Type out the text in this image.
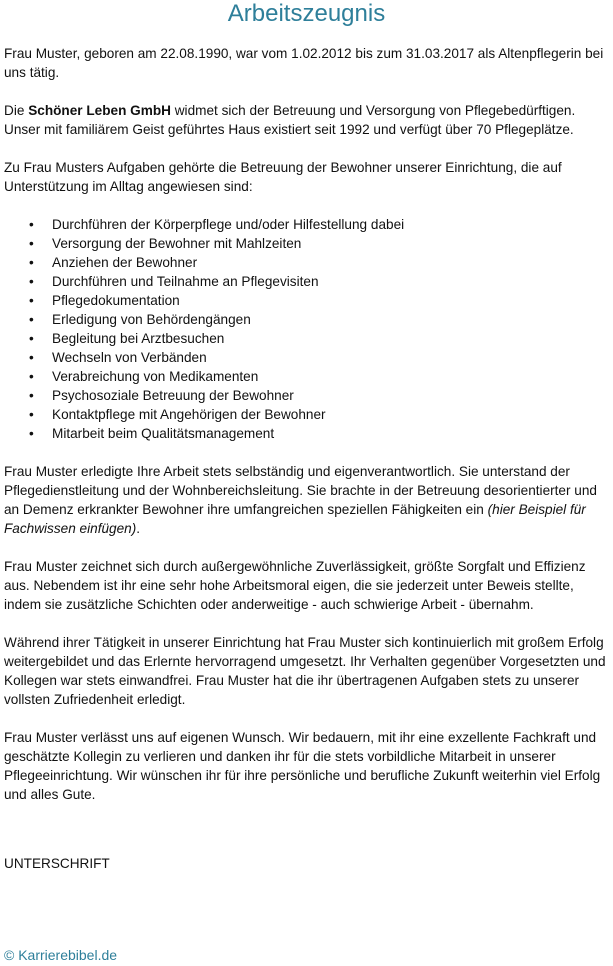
Arbeitszeugnis

Frau Muster, geboren am 22.08.1990, war vom 1.02.2012 bis zum 31.03.2017 als Altenpflegerin bei uns tätig.

Die Schöner Leben GmbH widmet sich der Betreuung und Versorgung von Pflegebedürftigen. Unser mit familiärem Geist geführtes Haus existiert seit 1992 und verfügt über 70 Pflegeplätze.

Zu Frau Musters Aufgaben gehörte die Betreuung der Bewohner unserer Einrichtung, die auf Unterstützung im Alltag angewiesen sind:

• Durchführen der Körperpflege und/oder Hilfestellung dabei
• Versorgung der Bewohner mit Mahlzeiten
• Anziehen der Bewohner
• Durchführen und Teilnahme an Pflegevisiten
• Pflegedokumentation
• Erledigung von Behördengängen
• Begleitung bei Arztbesuchen
• Wechseln von Verbänden
• Verabreichung von Medikamenten
• Psychosoziale Betreuung der Bewohner
• Kontaktpflege mit Angehörigen der Bewohner
• Mitarbeit beim Qualitätsmanagement

Frau Muster erledigte Ihre Arbeit stets selbständig und eigenverantwortlich. Sie unterstand der Pflegedienstleitung und der Wohnbereichsleitung. Sie brachte in der Betreuung desorientierter und an Demenz erkrankter Bewohner ihre umfangreichen speziellen Fähigkeiten ein (hier Beispiel für Fachwissen einfügen).

Frau Muster zeichnet sich durch außergewöhnliche Zuverlässigkeit, größte Sorgfalt und Effizienz aus. Nebendem ist ihr eine sehr hohe Arbeitsmoral eigen, die sie jederzeit unter Beweis stellte, indem sie zusätzliche Schichten oder anderweitige - auch schwierige Arbeit - übernahm.

Während ihrer Tätigkeit in unserer Einrichtung hat Frau Muster sich kontinuierlich mit großem Erfolg weitergebildet und das Erlernte hervorragend umgesetzt. Ihr Verhalten gegenüber Vorgesetzten und Kollegen war stets einwandfrei. Frau Muster hat die ihr übertragenen Aufgaben stets zu unserer vollsten Zufriedenheit erledigt.

Frau Muster verlässt uns auf eigenen Wunsch. Wir bedauern, mit ihr eine exzellente Fachkraft und geschätzte Kollegin zu verlieren und danken ihr für die stets vorbildliche Mitarbeit in unserer Pflegeeinrichtung. Wir wünschen ihr für ihre persönliche und berufliche Zukunft weiterhin viel Erfolg und alles Gute.

UNTERSCHRIFT
© Karrierebibel.de
